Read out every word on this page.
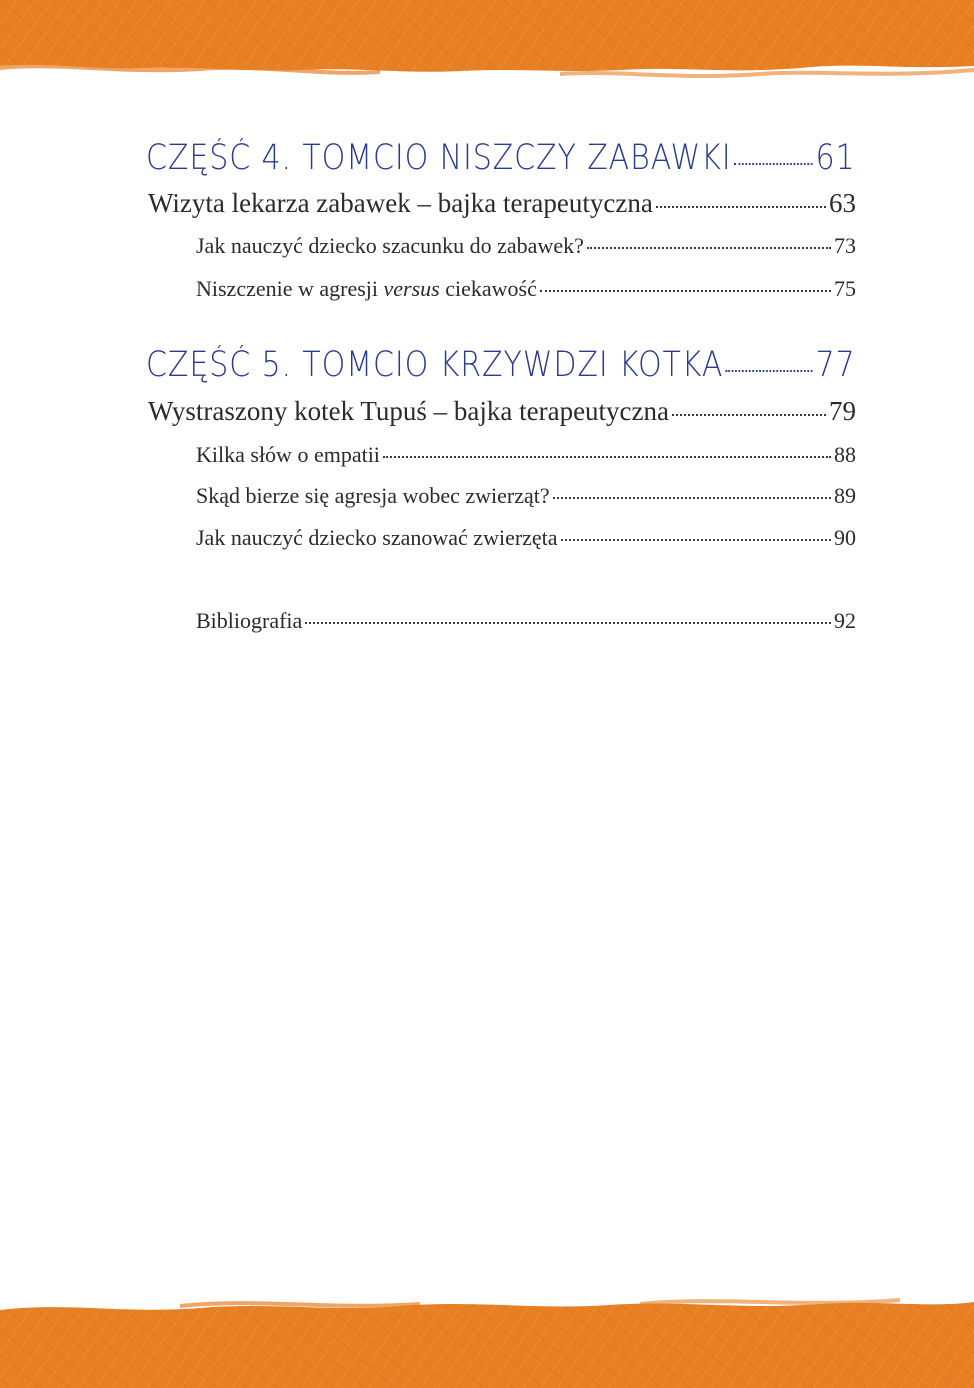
CZĘŚĆ 4. TOMCIO NISZCZY ZABAWKI 61
Wizyta lekarza zabawek – bajka terapeutyczna	63
Jak nauczyć dziecko szacunku do zabawek?	73
Niszczenie w agresji versus ciekawość	75
CZĘŚĆ 5. TOMCIO KRZYWDZI KOTKA	77
Wystraszony kotek Tupuś – bajka terapeutyczna	79
Kilka słów o empatii	88
Skąd bierze się agresja wobec zwierząt?	89
Jak nauczyć dziecko szanować zwierzęta	90
Bibliografia	92
